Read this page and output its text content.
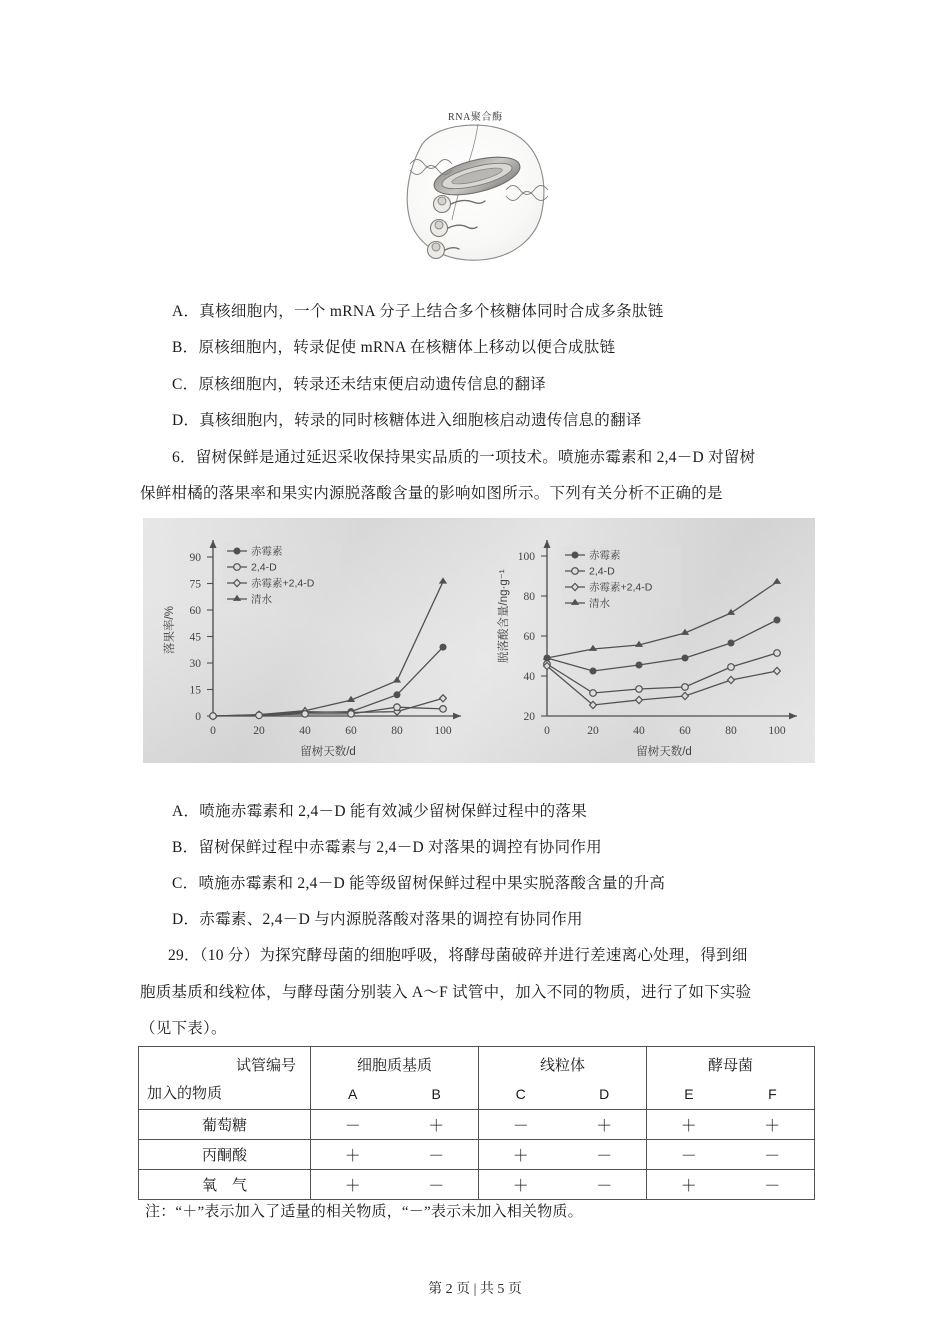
RNA聚合酶
A．真核细胞内，一个 mRNA 分子上结合多个核糖体同时合成多条肽链
B．原核细胞内，转录促使 mRNA 在核糖体上移动以便合成肽链
C．原核细胞内，转录还未结束便启动遗传信息的翻译
D．真核细胞内，转录的同时核糖体进入细胞核启动遗传信息的翻译
6．留树保鲜是通过延迟采收保持果实品质的一项技术。喷施赤霉素和 2,4－D 对留树
保鲜柑橘的落果率和果实内源脱落酸含量的影响如图所示。下列有关分析不正确的是
0
15
30
45
60
75
90
0	20	40	60	80	100
落果率/%
留树天数/d
赤霉素
2,4-D
赤霉素+2,4-D
清水
20
40
60
80
100
0	20	40	60	80	100
脱落酸含量/ng·g⁻¹
留树天数/d
赤霉素
2,4-D
赤霉素+2,4-D
清水
A．喷施赤霉素和 2,4－D 能有效减少留树保鲜过程中的落果
B．留树保鲜过程中赤霉素与 2,4－D 对落果的调控有协同作用
C．喷施赤霉素和 2,4－D 能等级留树保鲜过程中果实脱落酸含量的升高
D．赤霉素、2,4－D 与内源脱落酸对落果的调控有协同作用
29．（10 分）为探究酵母菌的细胞呼吸，将酵母菌破碎并进行差速离心处理，得到细
胞质基质和线粒体，与酵母菌分别装入 A～F 试管中，加入不同的物质，进行了如下实验
（见下表）。
试管编号
加入的物质

细胞质基质
A	B

线粒体
C	D

酵母菌
E	F

葡萄糖	－ ＋	－ ＋	＋ ＋

丙酮酸	＋ －	＋ －	－ －

氧　气	＋ －	＋ －	＋ －
注：“＋”表示加入了适量的相关物质，“－”表示未加入相关物质。
第 2 页 | 共 5 页
